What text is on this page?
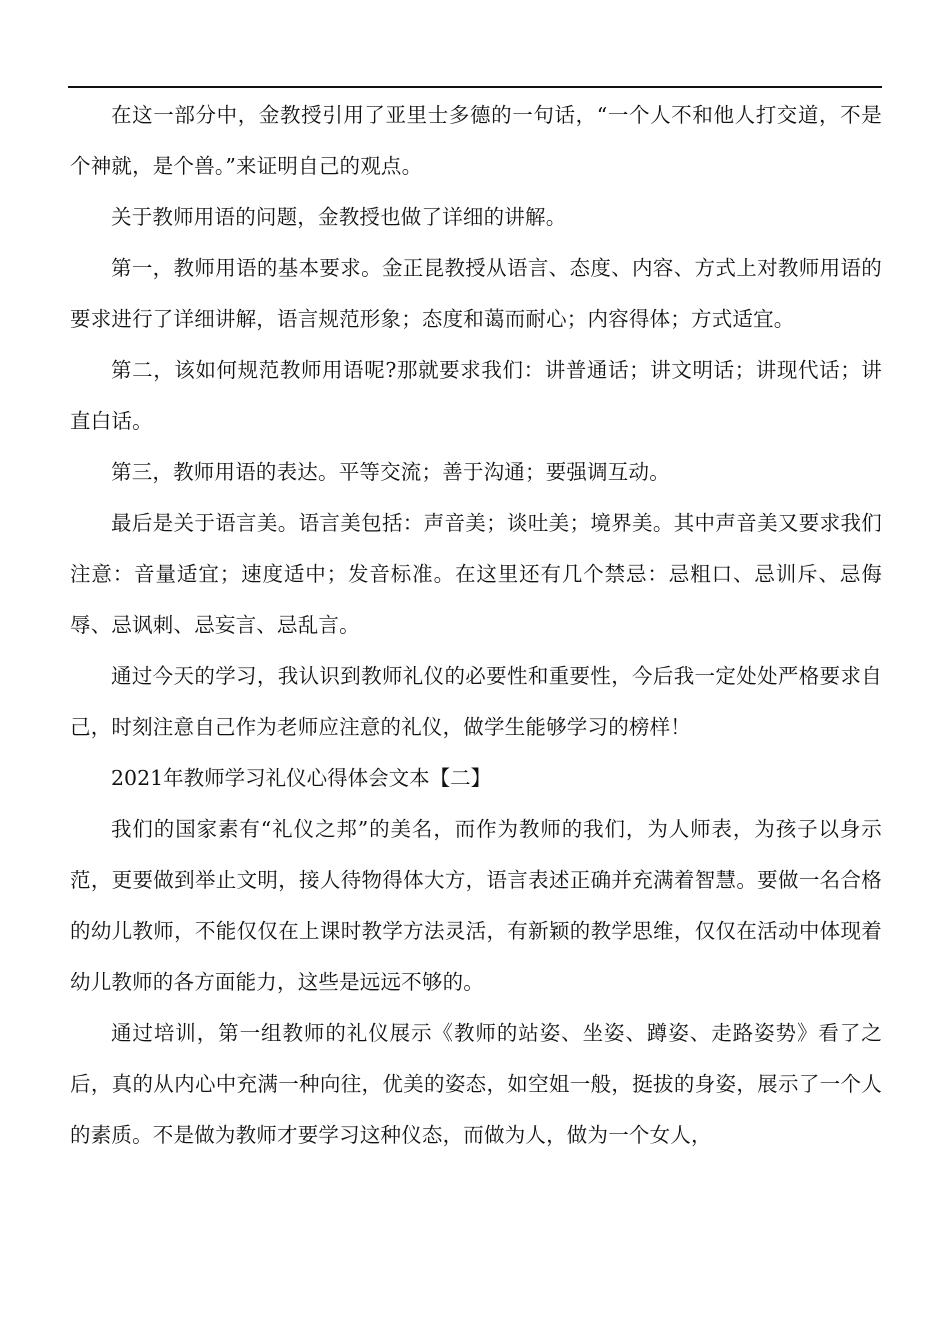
在这一部分中，金教授引用了亚里士多德的一句话，“一个人不和他人打交道，不是个神就，是个兽。”来证明自己的观点。

关于教师用语的问题，金教授也做了详细的讲解。

第一，教师用语的基本要求。金正昆教授从语言、态度、内容、方式上对教师用语的要求进行了详细讲解，语言规范形象；态度和蔼而耐心；内容得体；方式适宜。

第二，该如何规范教师用语呢?那就要求我们：讲普通话；讲文明话；讲现代话；讲直白话。

第三，教师用语的表达。平等交流；善于沟通；要强调互动。

最后是关于语言美。语言美包括：声音美；谈吐美；境界美。其中声音美又要求我们注意：音量适宜；速度适中；发音标准。在这里还有几个禁忌：忌粗口、忌训斥、忌侮辱、忌讽刺、忌妄言、忌乱言。

通过今天的学习，我认识到教师礼仪的必要性和重要性，今后我一定处处严格要求自己，时刻注意自己作为老师应注意的礼仪，做学生能够学习的榜样！

2021年教师学习礼仪心得体会文本【二】

我们的国家素有“礼仪之邦”的美名，而作为教师的我们，为人师表，为孩子以身示范，更要做到举止文明，接人待物得体大方，语言表述正确并充满着智慧。要做一名合格的幼儿教师，不能仅仅在上课时教学方法灵活，有新颖的教学思维，仅仅在活动中体现着幼儿教师的各方面能力，这些是远远不够的。

通过培训，第一组教师的礼仪展示《教师的站姿、坐姿、蹲姿、走路姿势》看了之后，真的从内心中充满一种向往，优美的姿态，如空姐一般，挺拔的身姿，展示了一个人的素质。不是做为教师才要学习这种仪态，而做为人，做为一个女人，
